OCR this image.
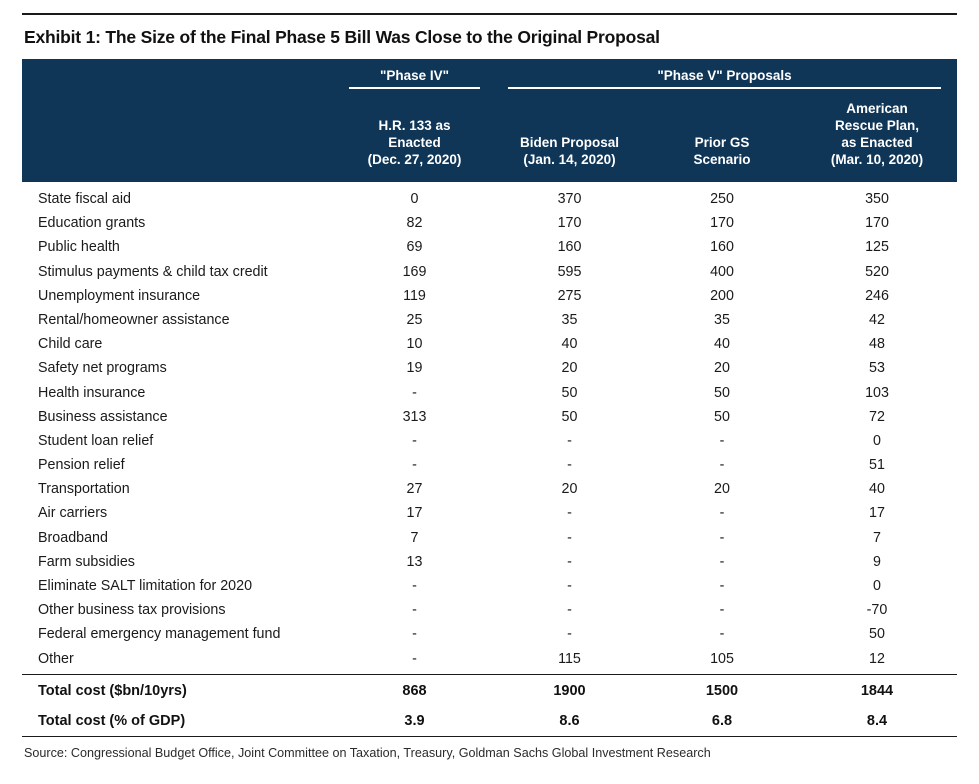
Exhibit 1: The Size of the Final Phase 5 Bill Was Close to the Original Proposal

	"Phase IV"	"Phase V" Proposals		

H.R. 133 as
Enacted
(Dec. 27, 2020)

Biden Proposal
(Jan. 14, 2020)

Prior GS
Scenario

American
Rescue Plan,
as Enacted
(Mar. 10, 2020)

State fiscal aid	0	370	250	350
Education grants	82	170	170	170
Public health	69	160	160	125
Stimulus payments & child tax credit	169	595	400	520
Unemployment insurance	119	275	200	246
Rental/homeowner assistance	25	35	35	42
Child care	10	40	40	48
Safety net programs	19	20	20	53
Health insurance	-	50	50	103
Business assistance	313	50	50	72
Student loan relief	-	-	-	0
Pension relief	-	-	-	51
Transportation	27	20	20	40
Air carriers	17	-	-	17
Broadband	7	-	-	7
Farm subsidies	13	-	-	9
Eliminate SALT limitation for 2020	-	-	-	0
Other business tax provisions	-	-	-	-70
Federal emergency management fund	-	-	-	50
Other	-	115	105	12
Total cost ($bn/10yrs)	868	1900	1500	1844
Total cost (% of GDP)	3.9	8.6	6.8	8.4
Source: Congressional Budget Office, Joint Committee on Taxation, Treasury, Goldman Sachs Global Investment Research
